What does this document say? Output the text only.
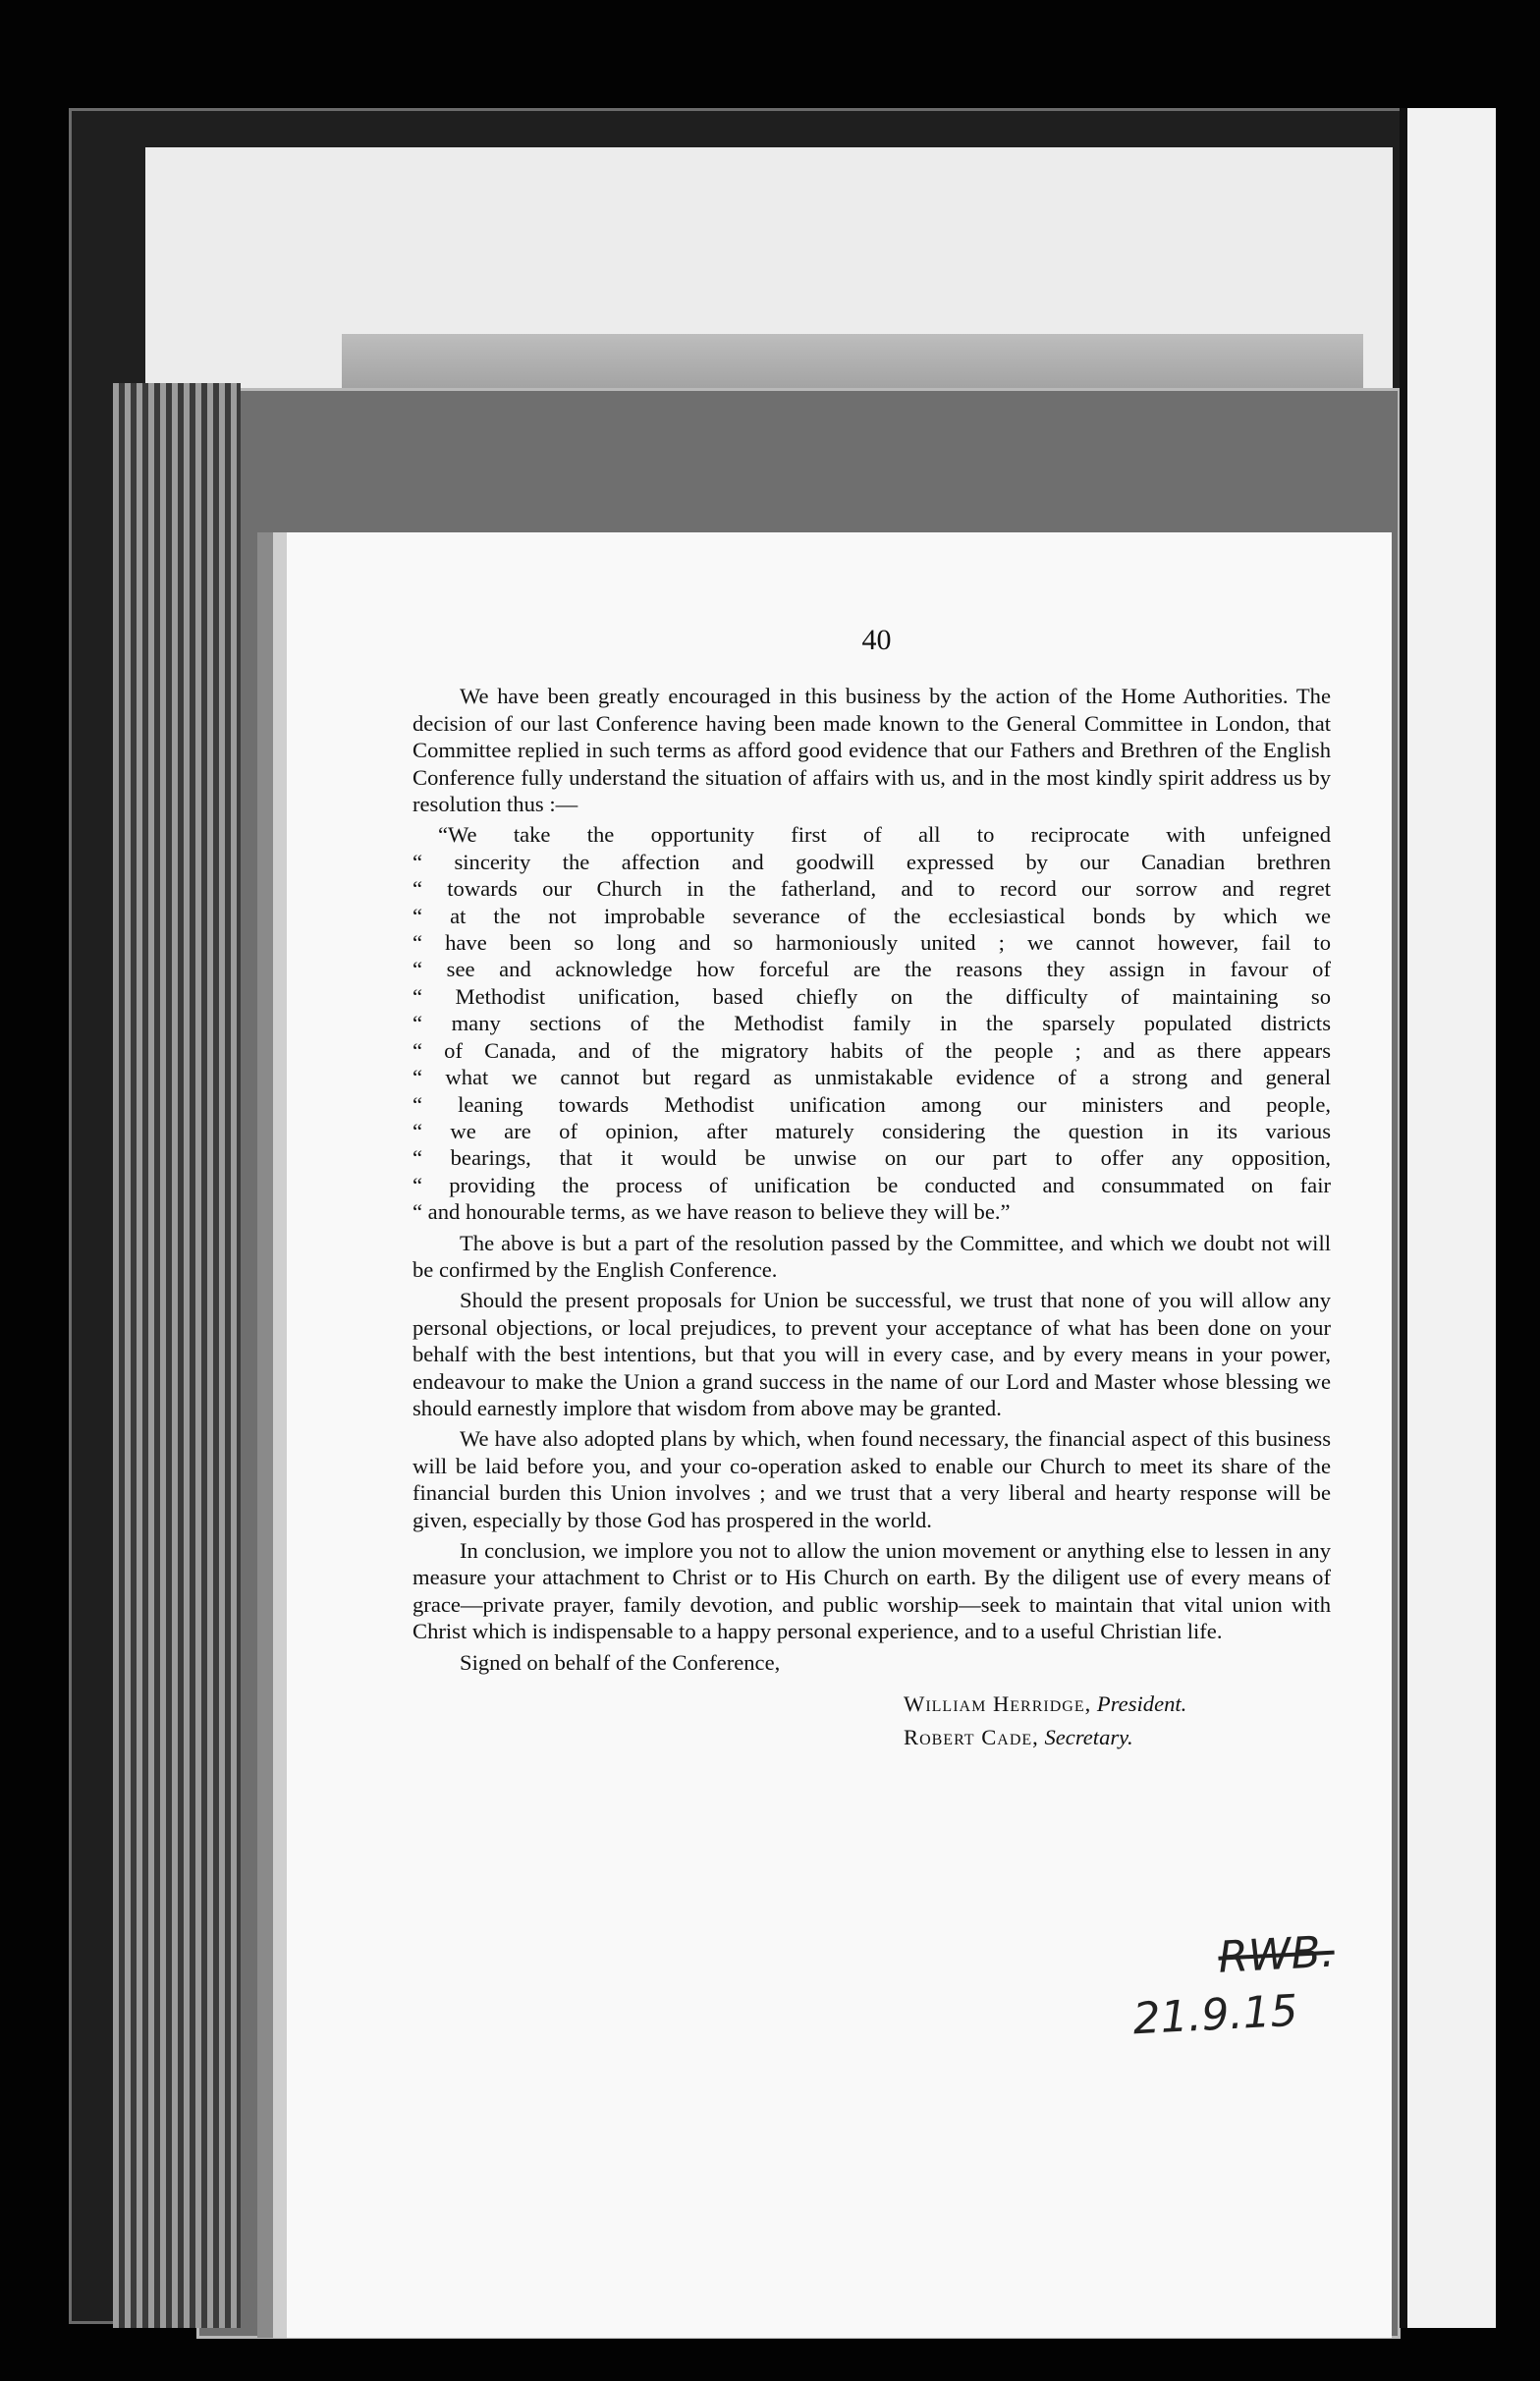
40

We have been greatly encouraged in this business by the action of the Home Authorities. The decision of our last Conference having been made known to the General Committee in London, that Committee replied in such terms as afford good evidence that our Fathers and Brethren of the English Conference fully understand the situation of affairs with us, and in the most kindly spirit address us by resolution thus :—

“We take the opportunity first of all to reciprocate with unfeigned
“ sincerity the affection and goodwill expressed by our Canadian brethren
“ towards our Church in the fatherland, and to record our sorrow and regret
“ at the not improbable severance of the ecclesiastical bonds by which we
“ have been so long and so harmoniously united ; we cannot however, fail to
“ see and acknowledge how forceful are the reasons they assign in favour of
“ Methodist unification, based chiefly on the difficulty of maintaining so
“ many sections of the Methodist family in the sparsely populated districts
“ of Canada, and of the migratory habits of the people ; and as there appears
“ what we cannot but regard as unmistakable evidence of a strong and general
“ leaning towards Methodist unification among our ministers and people,
“ we are of opinion, after maturely considering the question in its various
“ bearings, that it would be unwise on our part to offer any opposition,
“ providing the process of unification be conducted and consummated on fair
“ and honourable terms, as we have reason to believe they will be.”

The above is but a part of the resolution passed by the Committee, and which we doubt not will be confirmed by the English Conference.

Should the present proposals for Union be successful, we trust that none of you will allow any personal objections, or local prejudices, to prevent your acceptance of what has been done on your behalf with the best intentions, but that you will in every case, and by every means in your power, endeavour to make the Union a grand success in the name of our Lord and Master whose blessing we should earnestly implore that wisdom from above may be granted.

We have also adopted plans by which, when found necessary, the financial aspect of this business will be laid before you, and your co-operation asked to enable our Church to meet its share of the financial burden this Union involves ; and we trust that a very liberal and hearty response will be given, especially by those God has prospered in the world.

In conclusion, we implore you not to allow the union movement or anything else to lessen in any measure your attachment to Christ or to His Church on earth. By the diligent use of every means of grace—private prayer, family devotion, and public worship—seek to maintain that vital union with Christ which is indispensable to a happy personal experience, and to a useful Christian life.

Signed on behalf of the Conference,

William Herridge, President.
Robert Cade, Secretary.
RWB.
21.9.15
